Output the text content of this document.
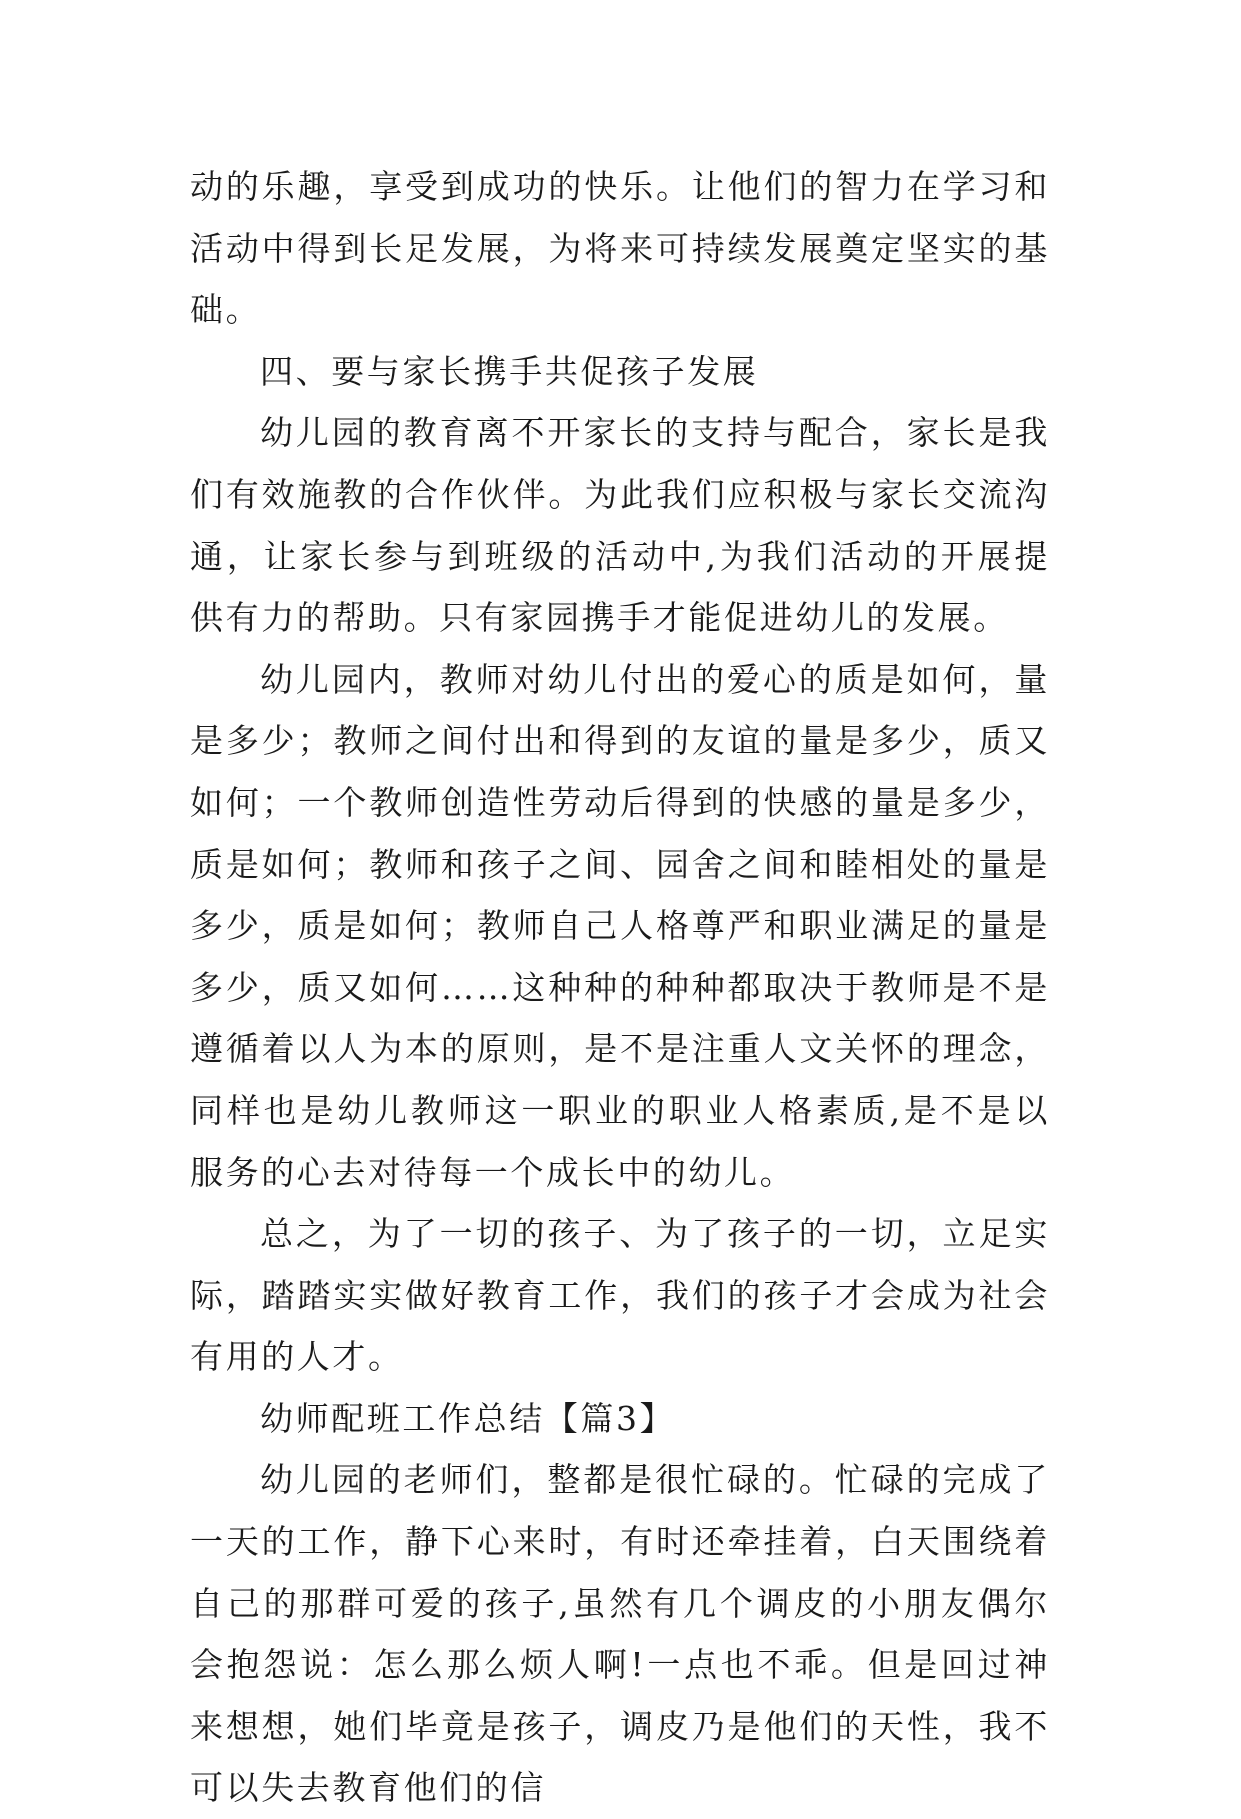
动的乐趣，享受到成功的快乐。让他们的智力在学习和活动中得到长足发展，为将来可持续发展奠定坚实的基础。

四、要与家长携手共促孩子发展

幼儿园的教育离不开家长的支持与配合，家长是我们有效施教的合作伙伴。为此我们应积极与家长交流沟通，让家长参与到班级的活动中,为我们活动的开展提供有力的帮助。只有家园携手才能促进幼儿的发展。

幼儿园内，教师对幼儿付出的爱心的质是如何，量是多少；教师之间付出和得到的友谊的量是多少，质又如何；一个教师创造性劳动后得到的快感的量是多少，质是如何；教师和孩子之间、园舍之间和睦相处的量是多少，质是如何；教师自己人格尊严和职业满足的量是多少，质又如何……这种种的种种都取决于教师是不是遵循着以人为本的原则，是不是注重人文关怀的理念，同样也是幼儿教师这一职业的职业人格素质,是不是以服务的心去对待每一个成长中的幼儿。

总之，为了一切的孩子、为了孩子的一切，立足实际，踏踏实实做好教育工作，我们的孩子才会成为社会有用的人才。

幼师配班工作总结【篇3】

幼儿园的老师们，整都是很忙碌的。忙碌的完成了一天的工作，静下心来时，有时还牵挂着，白天围绕着自己的那群可爱的孩子,虽然有几个调皮的小朋友偶尔会抱怨说：怎么那么烦人啊!一点也不乖。但是回过神来想想，她们毕竟是孩子，调皮乃是他们的天性，我不可以失去教育他们的信
